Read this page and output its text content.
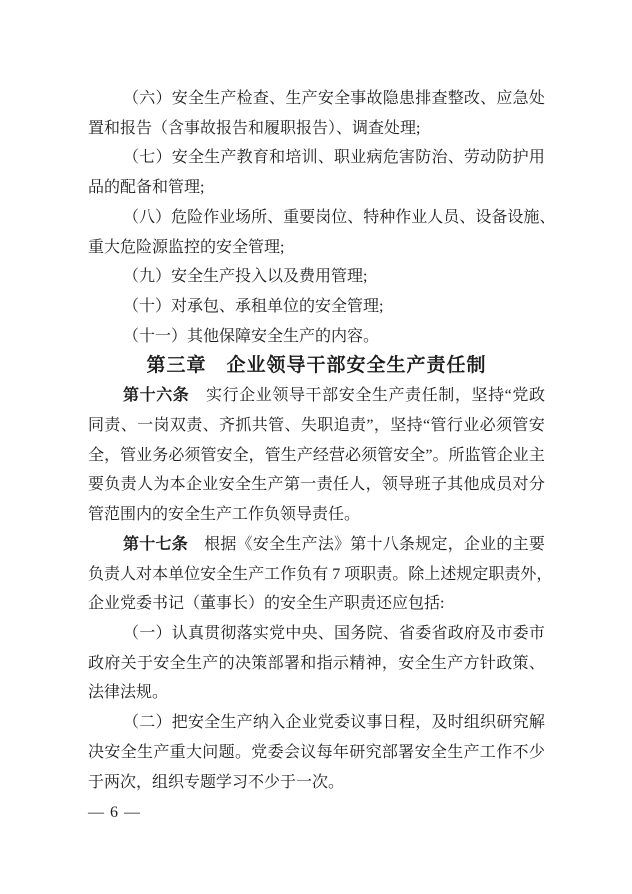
（ 六 ） 安 全 生 产 检 查 、 生 产 安 全 事 故 隐 患 排 查 整 改 、 应 急 处
置和报告（含事故报告和履职报告）、调查处理;
（ 七 ） 安 全 生 产 教 育 和 培 训 、 职 业 病 危 害 防 治 、 劳 动 防 护 用
品的配备和管理;
（ 八 ） 危 险 作 业 场 所 、 重 要 岗 位 、 特 种 作 业 人 员 、 设 备 设 施 、
重大危险源监控的安全管理;
（九）安全生产投入以及费用管理;
（十）对承包、承租单位的安全管理;
（十一）其他保障安全生产的内容。
第三章　企业领导干部安全生产责任制
第 十 六 条
　 实 行 企 业 领 导 干 部 安 全 生 产 责 任 制 ， 坚 持 “ 党 政
同 责 、 一 岗 双 责 、 齐 抓 共 管 、 失 职 追 责 ” ， 坚 持 “ 管 行 业 必 须 管 安
全 ， 管 业 务 必 须 管 安 全 ， 管 生 产 经 营 必 须 管 安 全 ” 。 所 监 管 企 业 主
要 负 责 人 为 本 企 业 安 全 生 产 第 一 责 任 人 ， 领 导 班 子 其 他 成 员 对 分
管范围内的安全生产工作负领导责任。
第 十 七 条
　 根 据 《 安 全 生 产 法 》 第 十 八 条 规 定 ， 企 业 的 主 要
负 责 人 对 本 单 位 安 全 生 产 工 作 负 有
7
项 职 责 。 除 上 述 规 定 职 责 外 ，
企业党委书记（董事长）的安全生产职责还应包括:
（ 一 ） 认 真 贯 彻 落 实 党 中 央 、 国 务 院 、 省 委 省 政 府 及 市 委 市
政 府 关 于 安 全 生 产 的 决 策 部 署 和 指 示 精 神 ， 安 全 生 产 方 针 政 策 、
法律法规。
（ 二 ） 把 安 全 生 产 纳 入 企 业 党 委 议 事 日 程 ， 及 时 组 织 研 究 解
决 安 全 生 产 重 大 问 题 。 党 委 会 议 每 年 研 究 部 署 安 全 生 产 工 作 不 少
于两次，组织专题学习不少于一次。
— 6 —
